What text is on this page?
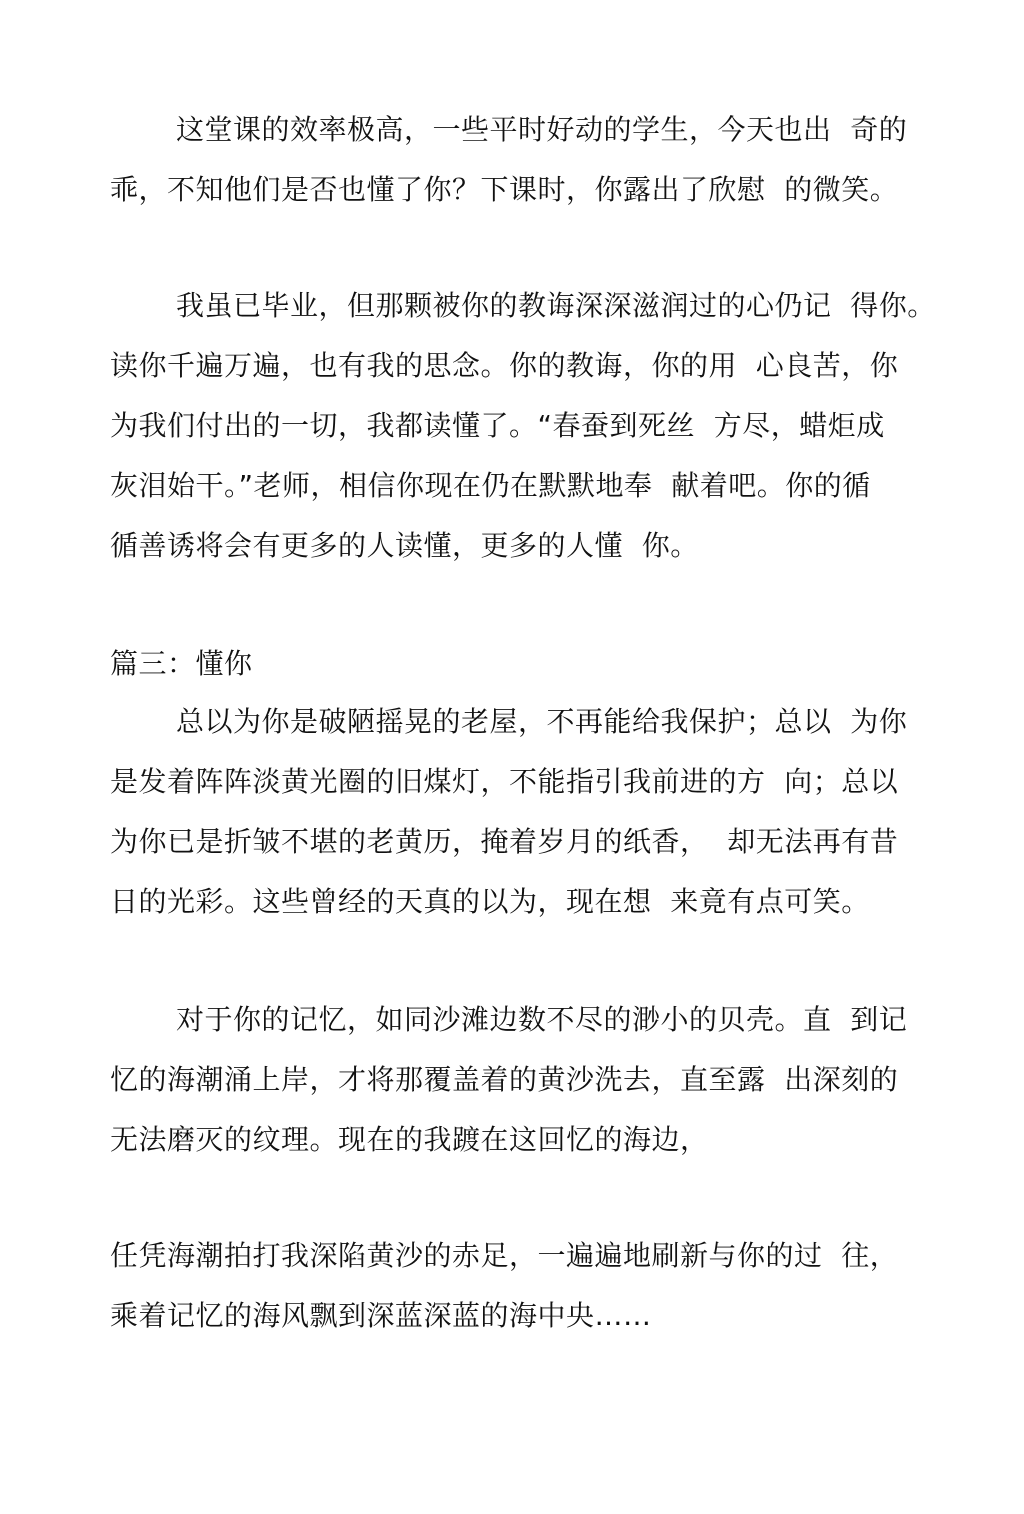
这堂课的效率极高，一些平时好动的学生，今天也出  奇的
乖，不知他们是否也懂了你？下课时，你露出了欣慰  的微笑。
我虽已毕业，但那颗被你的教诲深深滋润过的心仍记  得你。
读你千遍万遍，也有我的思念。你的教诲，你的用  心良苦，你
为我们付出的一切，我都读懂了。“春蚕到死丝  方尽，蜡炬成
灰泪始干。”老师，相信你现在仍在默默地奉  献着吧。你的循
循善诱将会有更多的人读懂，更多的人懂  你。
篇三：懂你
总以为你是破陋摇晃的老屋，不再能给我保护；总以  为你
是发着阵阵淡黄光圈的旧煤灯，不能指引我前进的方  向；总以
为你已是折皱不堪的老黄历，掩着岁月的纸香，  却无法再有昔
日的光彩。这些曾经的天真的以为，现在想  来竟有点可笑。
对于你的记忆，如同沙滩边数不尽的渺小的贝壳。直  到记
忆的海潮涌上岸，才将那覆盖着的黄沙洗去，直至露  出深刻的
无法磨灭的纹理。现在的我踱在这回忆的海边，
任凭海潮拍打我深陷黄沙的赤足，一遍遍地刷新与你的过  往，
乘着记忆的海风飘到深蓝深蓝的海中央……
